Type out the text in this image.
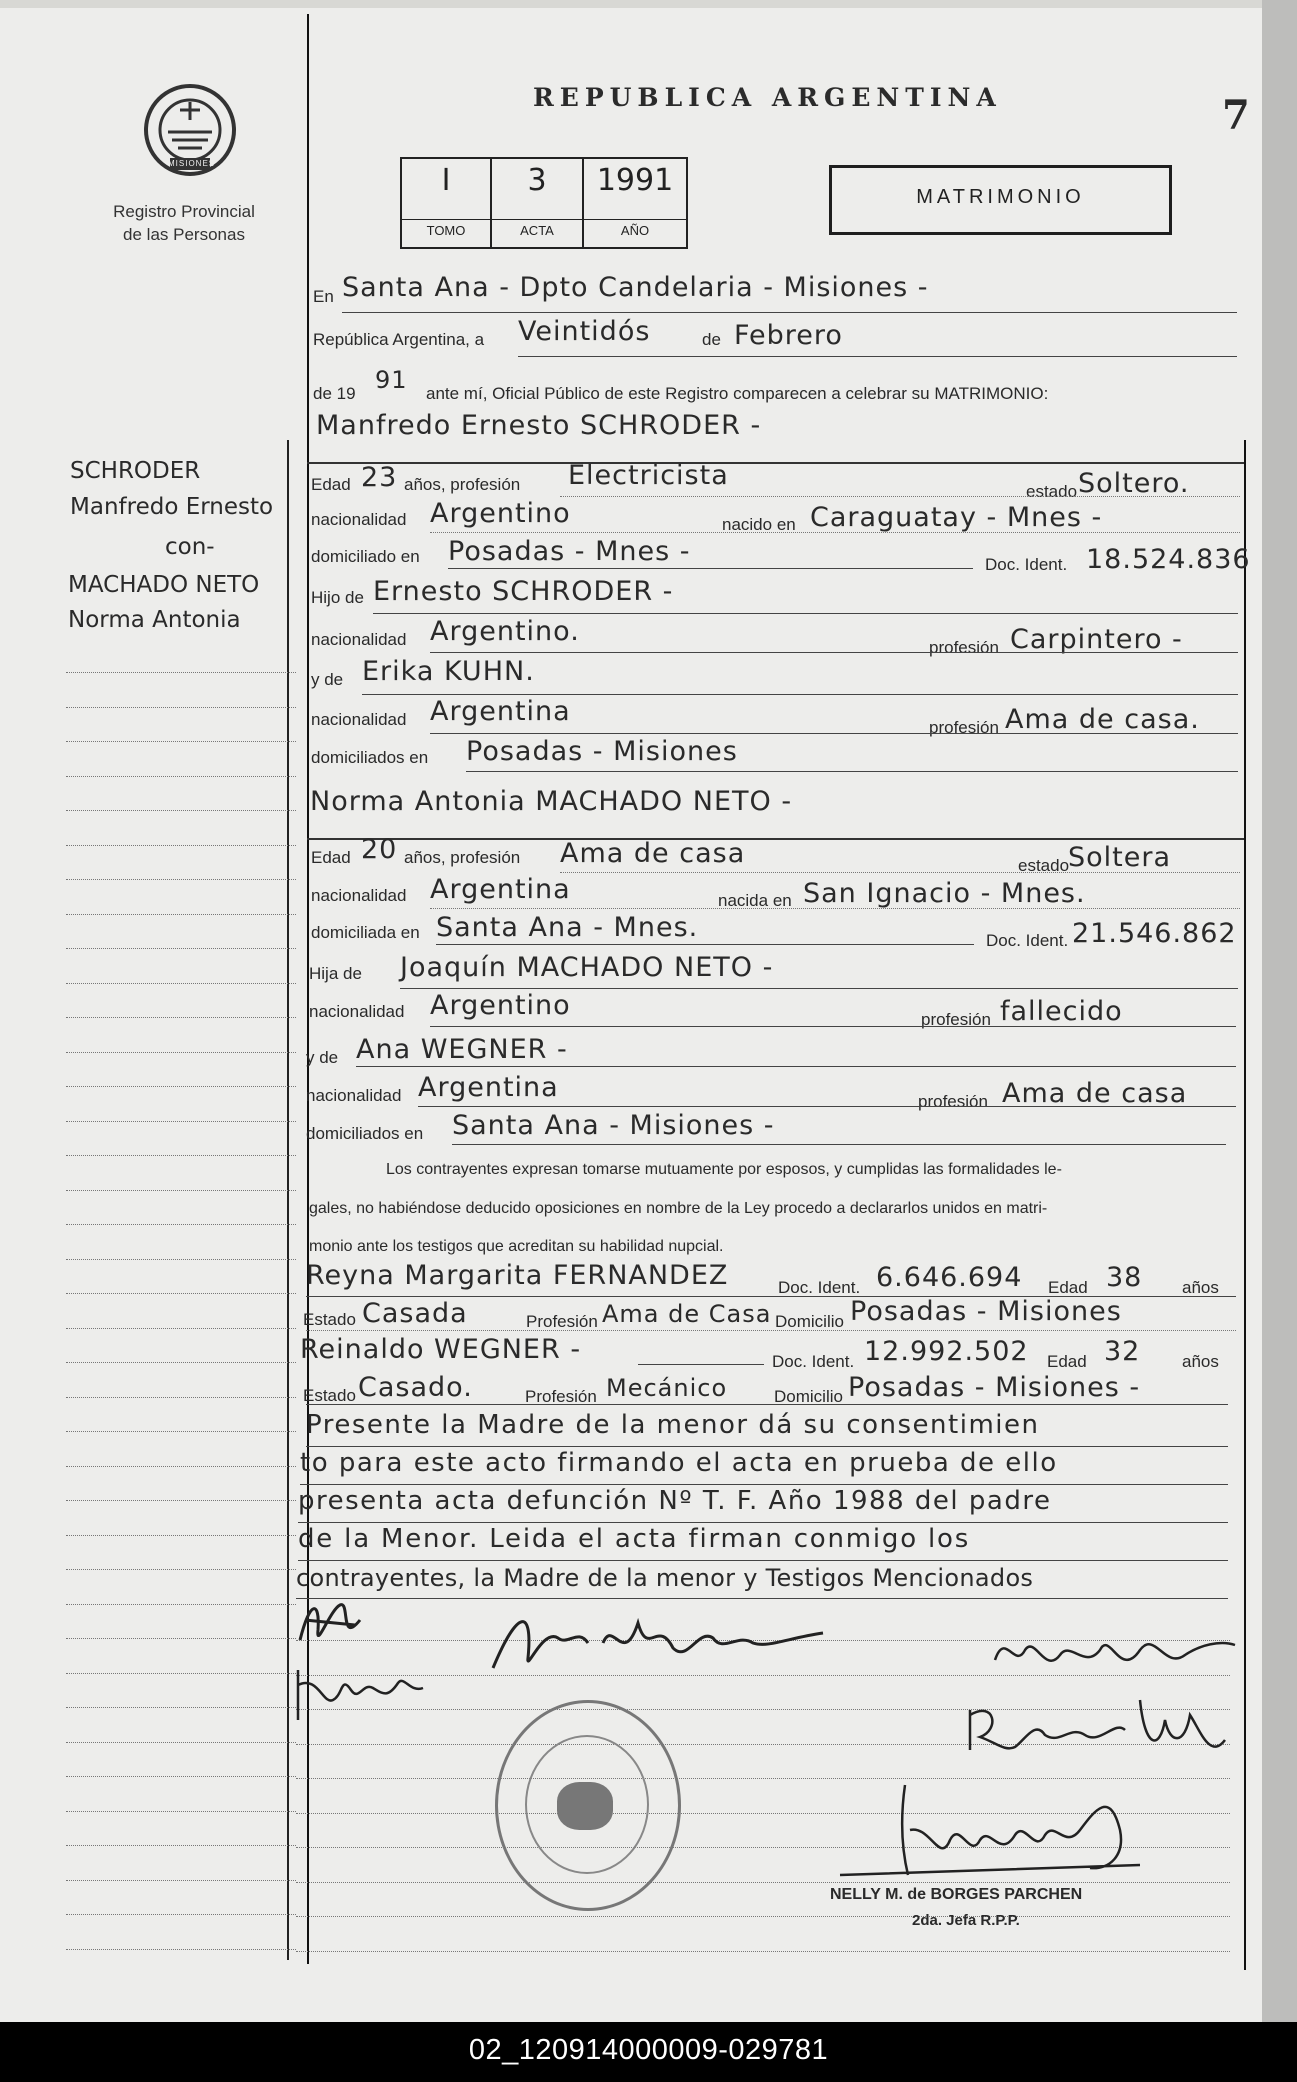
MISIONES
Registro Provincial
de las Personas
REPUBLICA ARGENTINA	7
I
TOMO
3
ACTA
1991
AÑO
MATRIMONIO
En Santa Ana - Dpto Candelaria - Misiones -
República Argentina, a Veintidós	de Febrero
de 19 91 ante mí, Oficial Público de este Registro comparecen a celebrar su MATRIMONIO:
SCHRODER
Manfredo Ernesto
con-
MACHADO NETO
Norma Antonia
Manfredo Ernesto SCHRODER -
Edad 23 años, profesión Electricista
estado Soltero.
nacionalidad Argentino	nacido en Caraguatay - Mnes -
domiciliado en Posadas - Mnes -	Doc. Ident. 18.524.836
Hijo de Ernesto SCHRODER -
nacionalidad Argentino.
profesión Carpintero -
y de Erika KUHN.
nacionalidad Argentina
profesión Ama de casa.
domiciliados en Posadas - Misiones
Norma Antonia MACHADO NETO -
Edad 20 años, profesión Ama de casa	estado
Soltera
nacionalidad Argentina	nacida en San Ignacio - Mnes.
domiciliada en Santa Ana - Mnes.	Doc. Ident. 21.546.862
Hija de Joaquín MACHADO NETO -
nacionalidad Argentino	profesión fallecido
y de Ana WEGNER -
nacionalidad Argentina	profesión Ama de casa
domiciliados en Santa Ana - Misiones -
Los contrayentes expresan tomarse mutuamente por esposos, y cumplidas las formalidades le-
gales, no habiéndose deducido oposiciones en nombre de la Ley procedo a declararlos unidos en matri-
monio ante los testigos que acreditan su habilidad nupcial.
Reyna Margarita FERNANDEZ	Doc. Ident. 6.646.694 Edad 38 años
Estado Casada	Profesión Ama de Casa Domicilio Posadas - Misiones
Reinaldo WEGNER -	Doc. Ident. 12.992.502 Edad 32 años
Estado Casado.	Profesión Mecánico	Domicilio Posadas - Misiones -
Presente la Madre de la menor dá su consentimien
to para este acto firmando el acta en prueba de ello
presenta acta defunción Nº T. F. Año 1988 del padre
de la Menor. Leida el acta firman conmigo los
contrayentes, la Madre de la menor y Testigos Mencionados
NELLY M. de BORGES PARCHEN
2da. Jefa R.P.P.
02_120914000009-029781
